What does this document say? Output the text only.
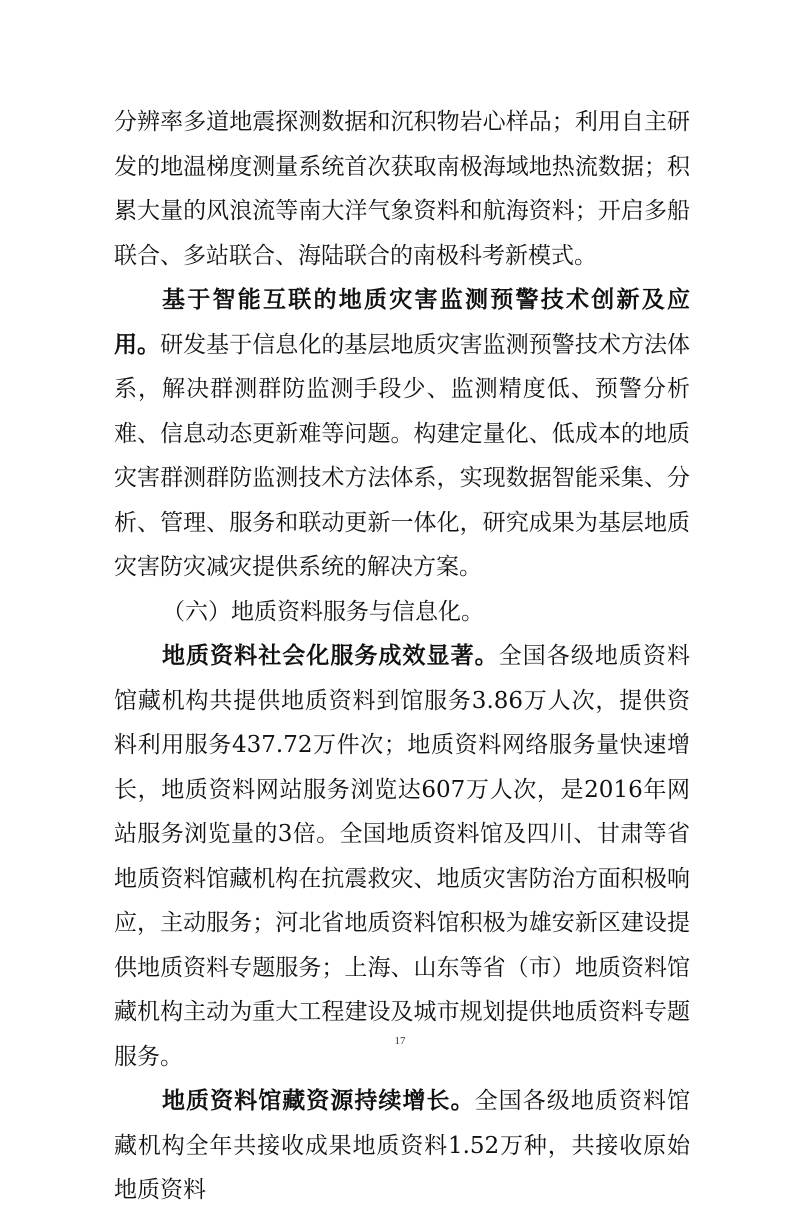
分辨率多道地震探测数据和沉积物岩心样品；利用自主研发的地温梯度测量系统首次获取南极海域地热流数据；积累大量的风浪流等南大洋气象资料和航海资料；开启多船联合、多站联合、海陆联合的南极科考新模式。

基于智能互联的地质灾害监测预警技术创新及应用。研发基于信息化的基层地质灾害监测预警技术方法体系，解决群测群防监测手段少、监测精度低、预警分析难、信息动态更新难等问题。构建定量化、低成本的地质灾害群测群防监测技术方法体系，实现数据智能采集、分析、管理、服务和联动更新一体化，研究成果为基层地质灾害防灾减灾提供系统的解决方案。

（六）地质资料服务与信息化。

地质资料社会化服务成效显著。全国各级地质资料馆藏机构共提供地质资料到馆服务3.86万人次，提供资料利用服务437.72万件次；地质资料网络服务量快速增长，地质资料网站服务浏览达607万人次，是2016年网站服务浏览量的3倍。全国地质资料馆及四川、甘肃等省地质资料馆藏机构在抗震救灾、地质灾害防治方面积极响应，主动服务；河北省地质资料馆积极为雄安新区建设提供地质资料专题服务；上海、山东等省（市）地质资料馆藏机构主动为重大工程建设及城市规划提供地质资料专题服务。

地质资料馆藏资源持续增长。全国各级地质资料馆藏机构全年共接收成果地质资料1.52万种，共接收原始地质资料

17
